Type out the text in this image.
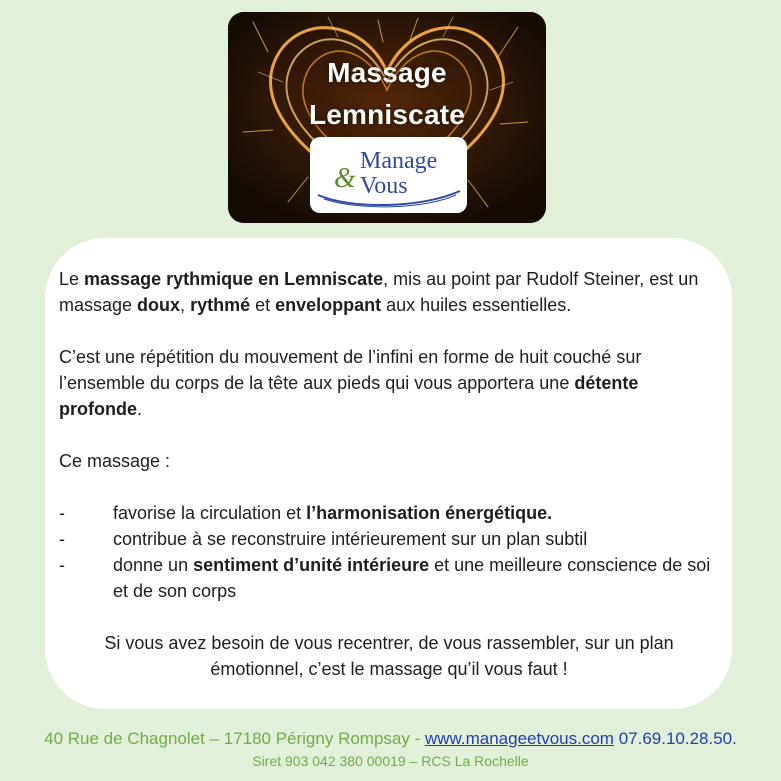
Massage
Lemniscate
Manage
& Vous

Le massage rythmique en Lemniscate, mis au point par Rudolf Steiner, est un massage doux, rythmé et enveloppant aux huiles essentielles.

C’est une répétition du mouvement de l’infini en forme de huit couché sur l’ensemble du corps de la tête aux pieds qui vous apportera une détente profonde.

Ce massage :

-	favorise la circulation et l’harmonisation énergétique.
-	contribue à se reconstruire intérieurement sur un plan subtil
-	donne un sentiment d’unité intérieure et une meilleure conscience de soi et de son corps

Si vous avez besoin de vous recentrer, de vous rassembler, sur un plan émotionnel, c’est le massage qu’il vous faut !

40 Rue de Chagnolet – 17180 Périgny Rompsay - www.manageetvous.com 07.69.10.28.50.
Siret 903 042 380 00019 – RCS La Rochelle
